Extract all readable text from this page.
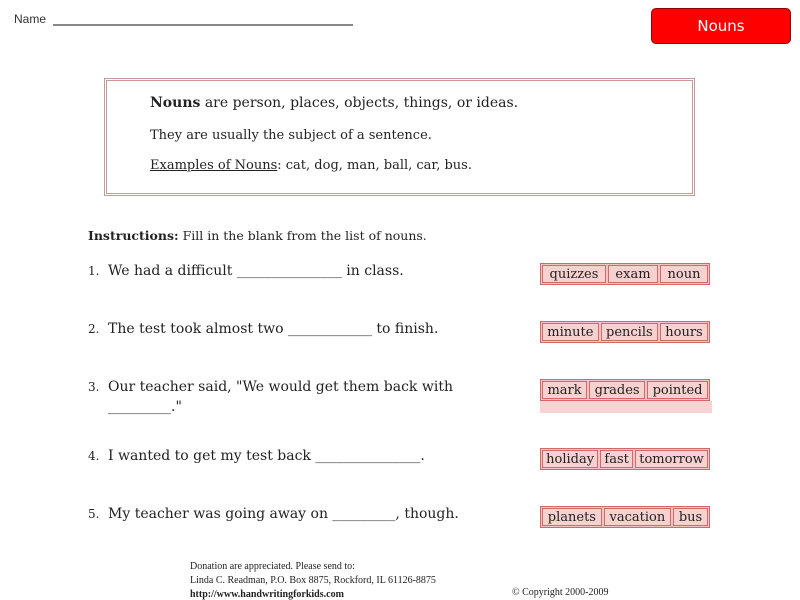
Name	Nouns
Nouns are person, places, objects, things, or ideas.
They are usually the subject of a sentence.
Examples of Nouns: cat, dog, man, ball, car, bus.
Instructions: Fill in the blank from the list of nouns.
1. We had a difficult _______________ in class.
2. The test took almost two ____________ to finish.
3. Our teacher said, "We would get them back with _________."
4. I wanted to get my test back _______________.
5. My teacher was going away on _________, though.
quizzes	exam	noun
minute pencils hours
mark grades pointed
holiday fast tomorrow
planets	vacation	bus
Donation are appreciated. Please send to:
Linda C. Readman, P.O. Box 8875, Rockford, IL 61126-8875
http://www.handwritingforkids.com	© Copyright 2000-2009
